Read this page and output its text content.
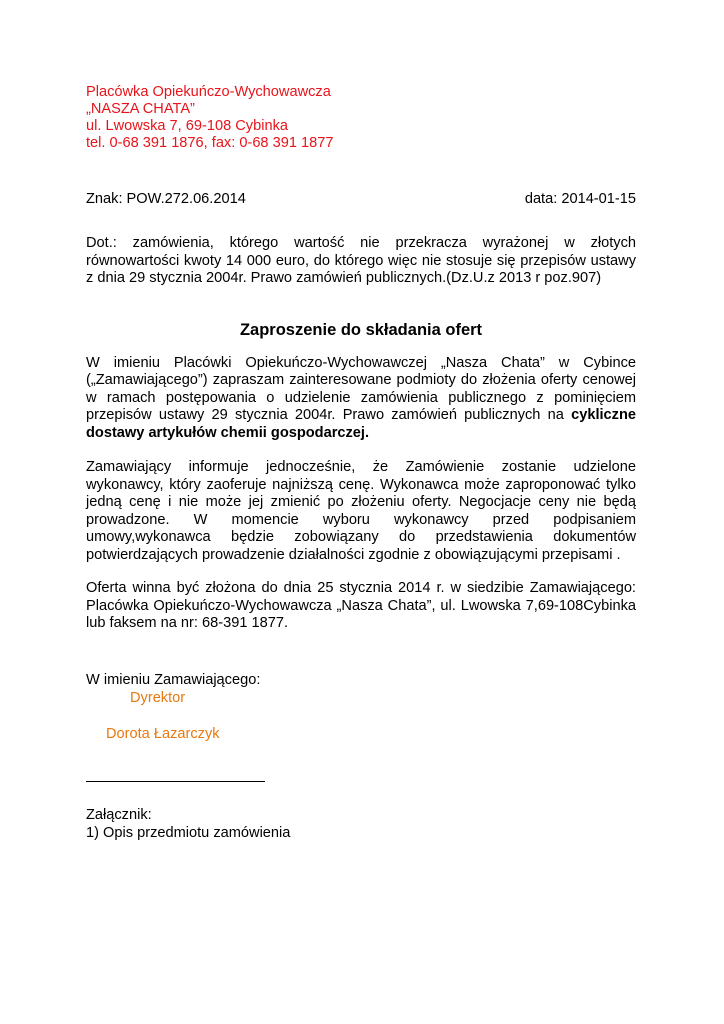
Placówka Opiekuńczo-Wychowawcza
„NASZA CHATA”
ul. Lwowska 7, 69-108 Cybinka
tel. 0-68 391 1876, fax: 0-68 391 1877
Znak: POW.272.06.2014	data: 2014-01-15
Dot.: zamówienia, którego wartość nie przekracza wyrażonej w złotych równowartości kwoty 14 000 euro, do którego więc nie stosuje się przepisów ustawy z dnia 29 stycznia 2004r. Prawo zamówień publicznych.(Dz.U.z 2013 r poz.907)
Zaproszenie do składania ofert
W imieniu Placówki Opiekuńczo-Wychowawczej „Nasza Chata” w Cybince („Zamawiającego”) zapraszam zainteresowane podmioty do złożenia oferty cenowej w ramach postępowania o udzielenie zamówienia publicznego z pominięciem przepisów ustawy 29 stycznia 2004r. Prawo zamówień publicznych na cykliczne dostawy artykułów chemii gospodarczej.
Zamawiający informuje jednocześnie, że Zamówienie zostanie udzielone wykonawcy, który zaoferuje najniższą cenę. Wykonawca może zaproponować tylko jedną cenę i nie może jej zmienić po złożeniu oferty. Negocjacje ceny nie będą prowadzone. W momencie wyboru wykonawcy przed podpisaniem umowy,wykonawca będzie zobowiązany do przedstawienia dokumentów potwierdzających prowadzenie działalności zgodnie z obowiązującymi przepisami .
Oferta winna być złożona do dnia 25 stycznia 2014 r. w siedzibie Zamawiającego: Placówka Opiekuńczo-Wychowawcza „Nasza Chata”, ul. Lwowska 7,69-108Cybinka lub faksem na nr: 68-391 1877.
W imieniu Zamawiającego:
Dyrektor
Dorota Łazarczyk
Załącznik:
1) Opis przedmiotu zamówienia
